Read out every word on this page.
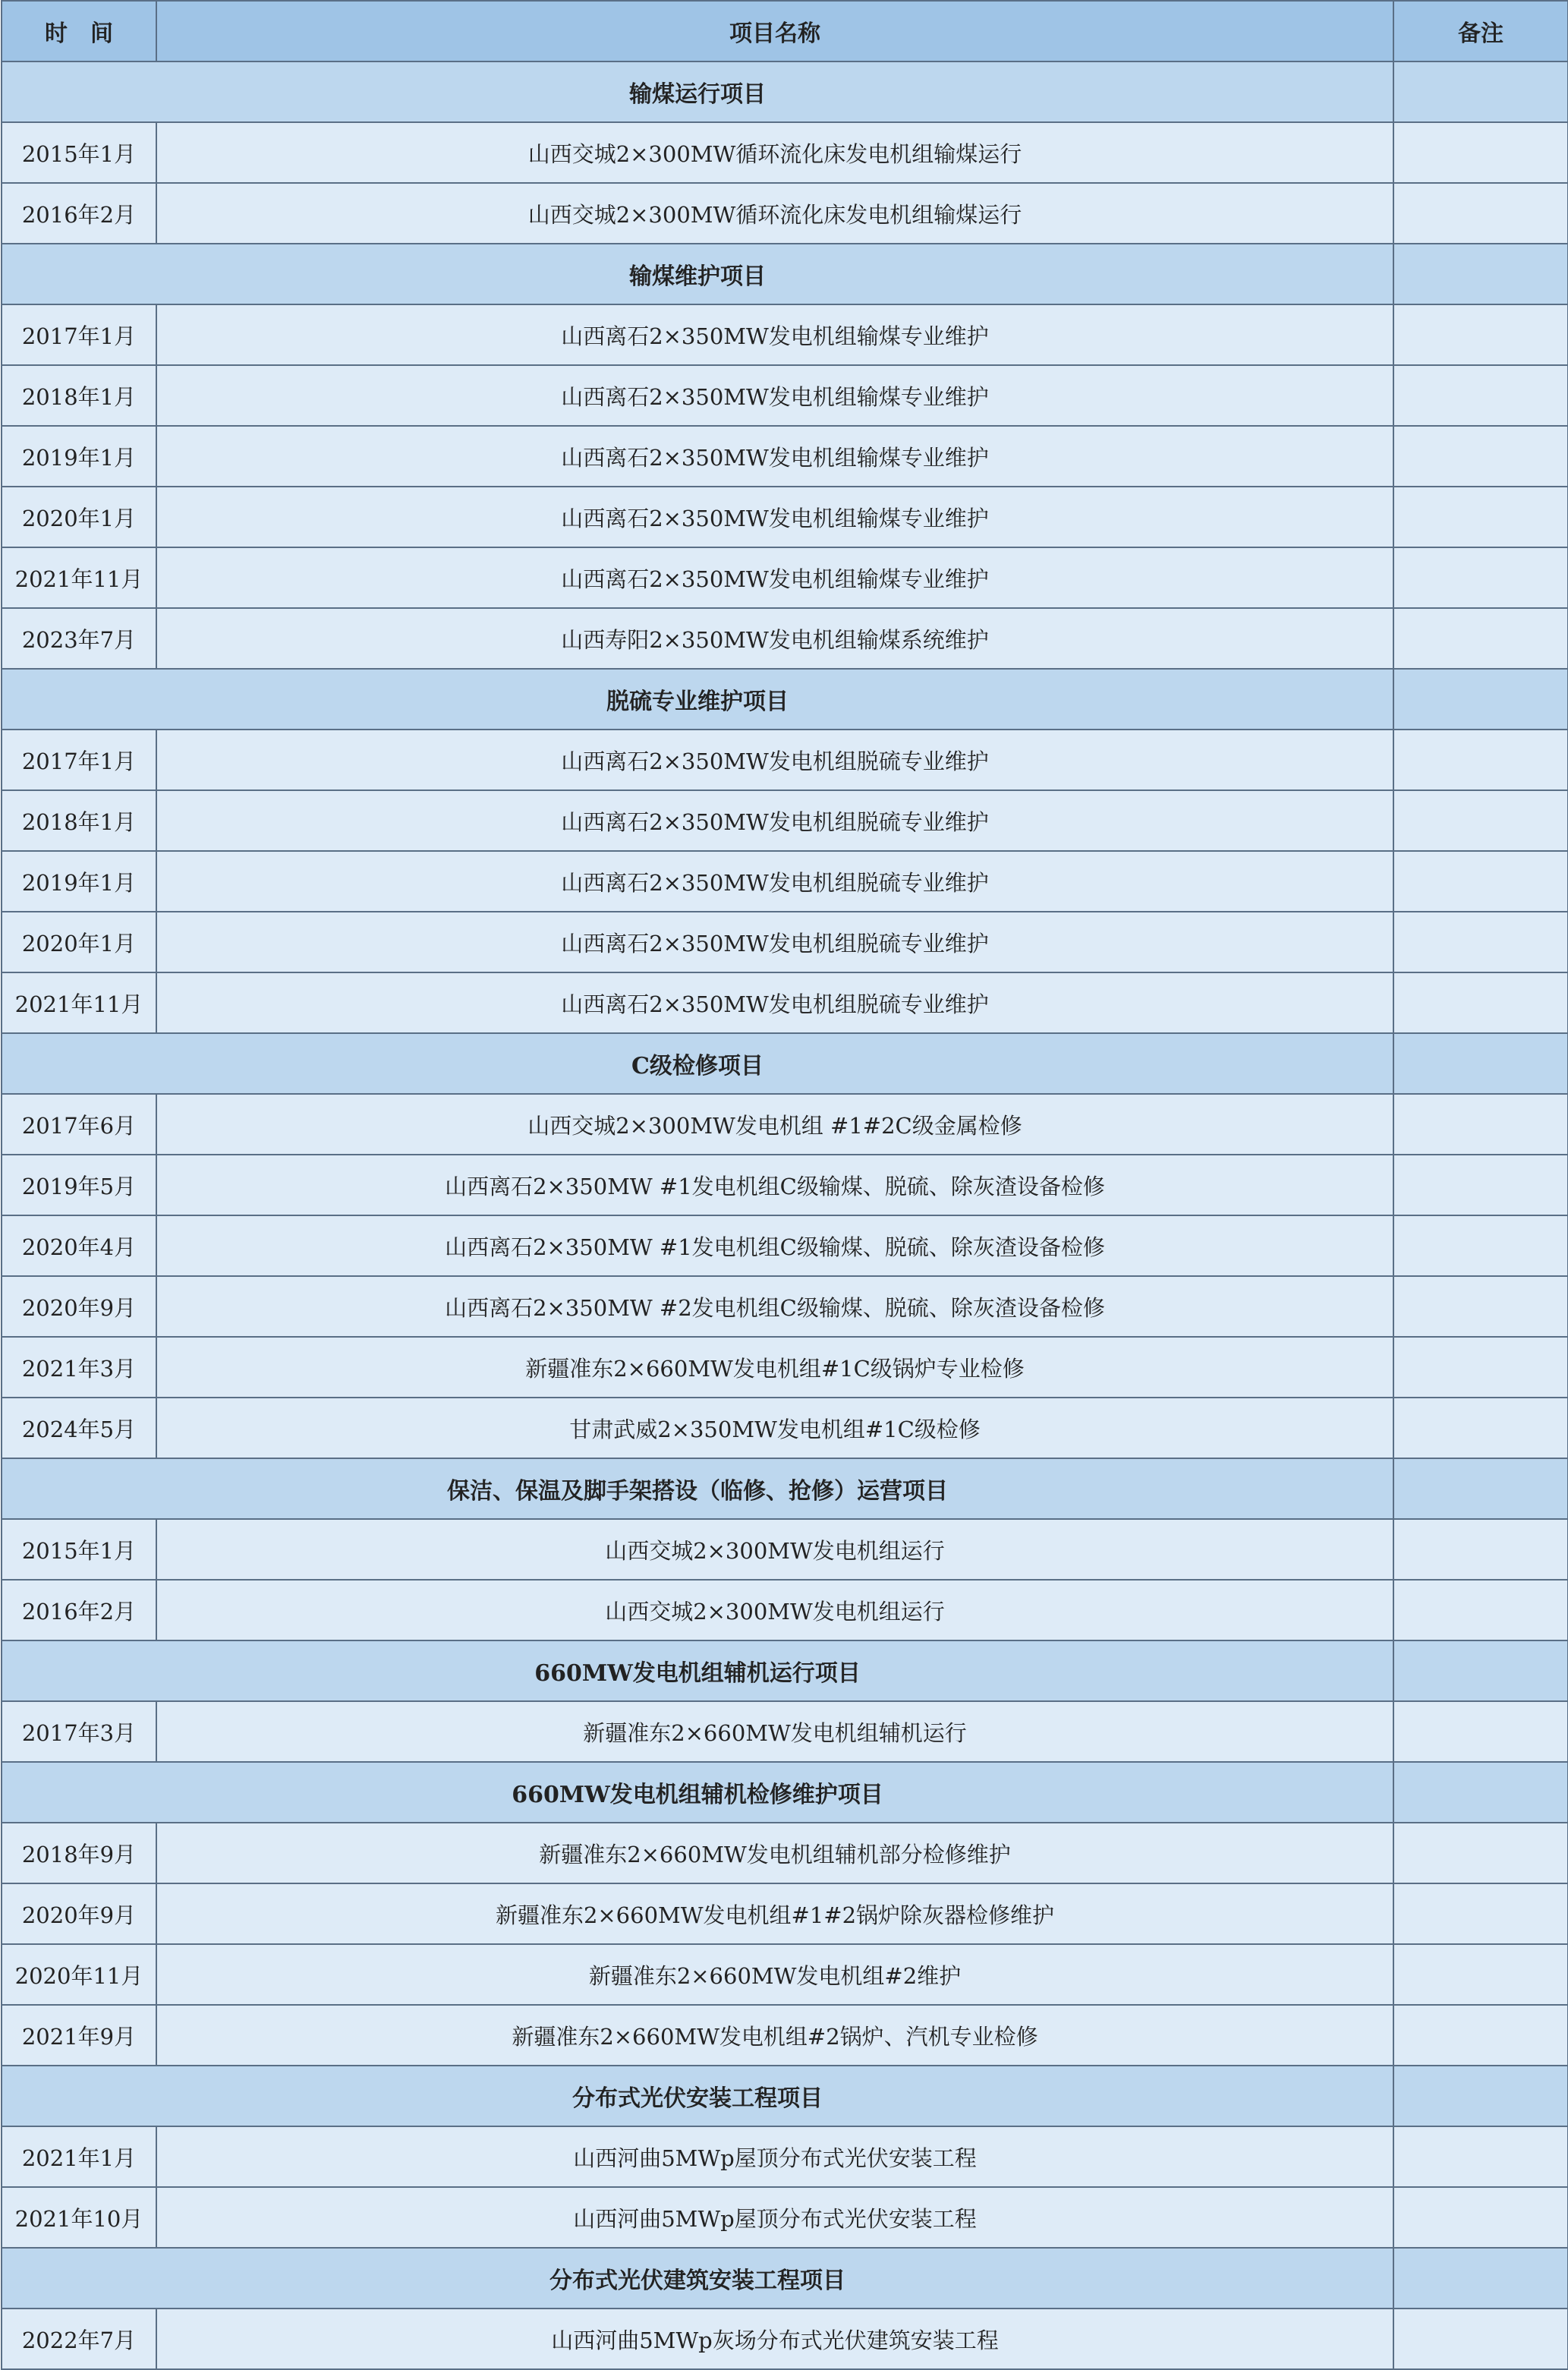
时　间	项目名称	备注
输煤运行项目		
2015年1月	山西交城2×300MW循环流化床发电机组输煤运行	
2016年2月	山西交城2×300MW循环流化床发电机组输煤运行	
输煤维护项目		
2017年1月	山西离石2×350MW发电机组输煤专业维护	
2018年1月	山西离石2×350MW发电机组输煤专业维护	
2019年1月	山西离石2×350MW发电机组输煤专业维护	
2020年1月	山西离石2×350MW发电机组输煤专业维护	
2021年11月	山西离石2×350MW发电机组输煤专业维护	
2023年7月	山西寿阳2×350MW发电机组输煤系统维护	
脱硫专业维护项目		
2017年1月	山西离石2×350MW发电机组脱硫专业维护	
2018年1月	山西离石2×350MW发电机组脱硫专业维护	
2019年1月	山西离石2×350MW发电机组脱硫专业维护	
2020年1月	山西离石2×350MW发电机组脱硫专业维护	
2021年11月	山西离石2×350MW发电机组脱硫专业维护	
C级检修项目		
2017年6月	山西交城2×300MW发电机组 #1#2C级金属检修	
2019年5月	山西离石2×350MW #1发电机组C级输煤、脱硫、除灰渣设备检修	
2020年4月	山西离石2×350MW #1发电机组C级输煤、脱硫、除灰渣设备检修	
2020年9月	山西离石2×350MW #2发电机组C级输煤、脱硫、除灰渣设备检修	
2021年3月	新疆准东2×660MW发电机组#1C级锅炉专业检修	
2024年5月	甘肃武威2×350MW发电机组#1C级检修	
保洁、保温及脚手架搭设（临修、抢修）运营项目		
2015年1月	山西交城2×300MW发电机组运行	
2016年2月	山西交城2×300MW发电机组运行	
660MW发电机组辅机运行项目		
2017年3月	新疆准东2×660MW发电机组辅机运行	
660MW发电机组辅机检修维护项目		
2018年9月	新疆准东2×660MW发电机组辅机部分检修维护	
2020年9月	新疆准东2×660MW发电机组#1#2锅炉除灰器检修维护	
2020年11月	新疆准东2×660MW发电机组#2维护	
2021年9月	新疆准东2×660MW发电机组#2锅炉、汽机专业检修	
分布式光伏安装工程项目		
2021年1月	山西河曲5MWp屋顶分布式光伏安装工程	
2021年10月	山西河曲5MWp屋顶分布式光伏安装工程	
分布式光伏建筑安装工程项目		
2022年7月	山西河曲5MWp灰场分布式光伏建筑安装工程	
